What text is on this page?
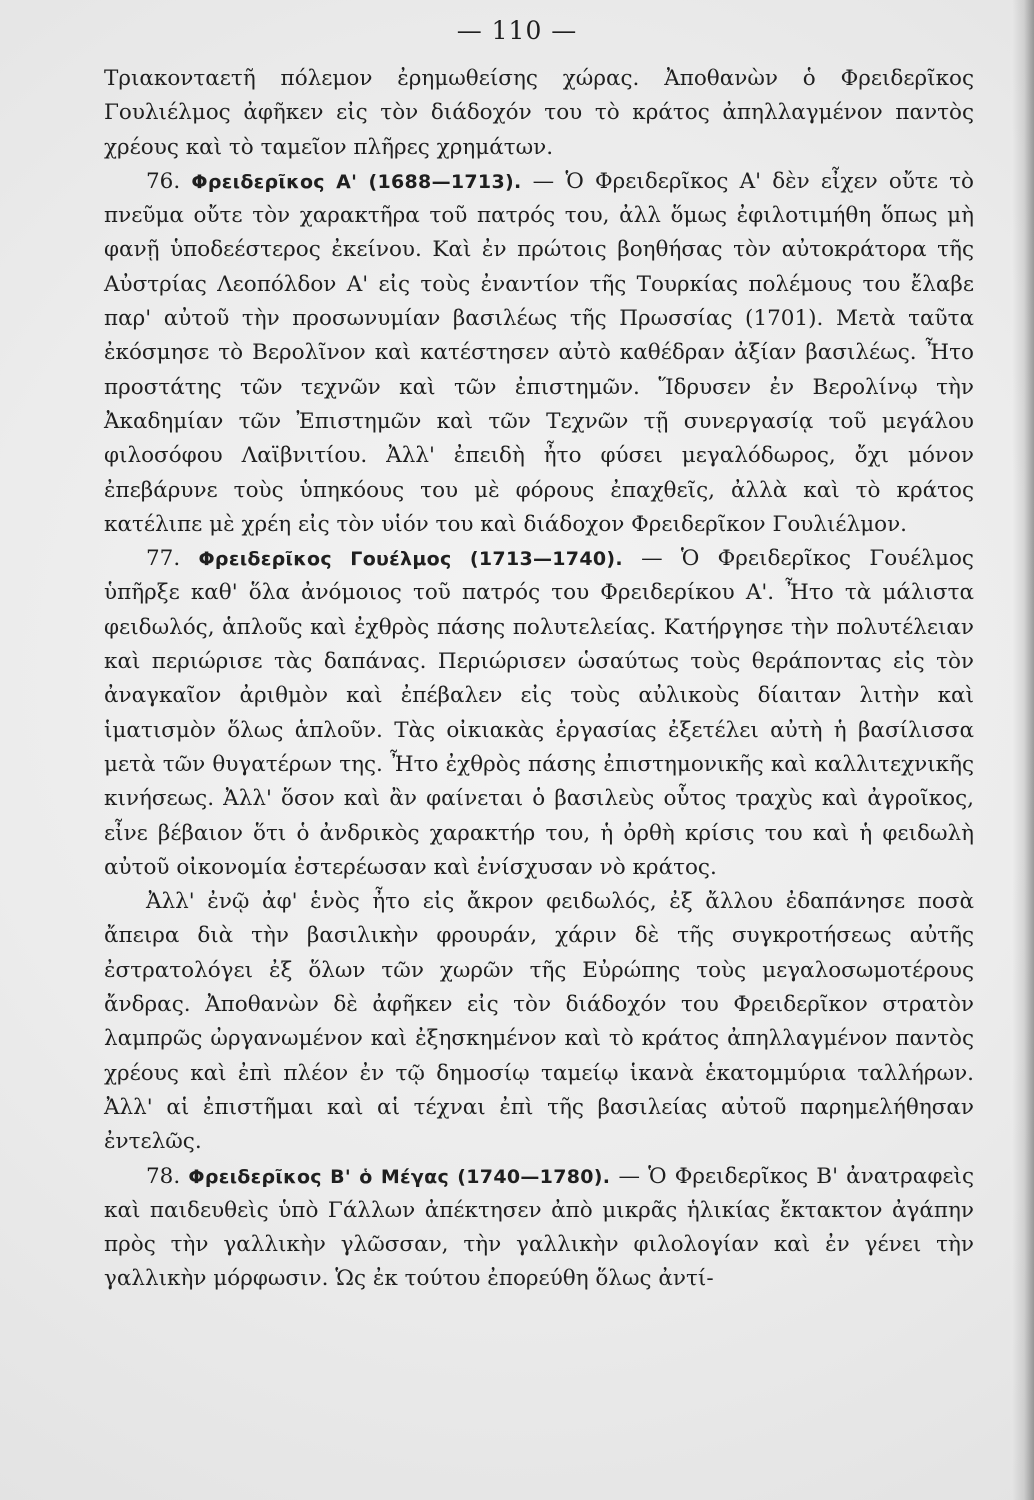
— 110 —

Τριακονταετῆ πόλεμον ἐρημωθείσης χώρας. Ἀποθανὼν ὁ Φρειδερῖκος Γουλιέλμος ἀφῆκεν εἰς τὸν διάδοχόν του τὸ κράτος ἀπηλλαγμένον παντὸς χρέους καὶ τὸ ταμεῖον πλῆρες χρημάτων.

76. Φρειδερῖκος Α' (1688—1713). — Ὁ Φρειδερῖκος Α' δὲν εἶχεν οὔτε τὸ πνεῦμα οὔτε τὸν χαρακτῆρα τοῦ πατρός του, ἀλλ ὅμως ἐφιλοτιμήθη ὅπως μὴ φανῇ ὑποδεέστερος ἐκείνου. Καὶ ἐν πρώτοις βοηθήσας τὸν αὐτοκράτορα τῆς Αὐστρίας Λεοπόλδον Α' εἰς τοὺς ἐναντίον τῆς Τουρκίας πολέμους του ἔλαβε παρ' αὐτοῦ τὴν προσωνυμίαν βασιλέως τῆς Πρωσσίας (1701). Μετὰ ταῦτα ἐκόσμησε τὸ Βερολῖνον καὶ κατέστησεν αὐτὸ καθέδραν ἀξίαν βασιλέως. Ἦτο προστάτης τῶν τεχνῶν καὶ τῶν ἐπιστημῶν. Ἵδρυσεν ἐν Βερολίνῳ τὴν Ἀκαδημίαν τῶν Ἐπιστημῶν καὶ τῶν Τεχνῶν τῇ συνεργασίᾳ τοῦ μεγάλου φιλοσόφου Λαϊβνιτίου. Ἀλλ' ἐπειδὴ ἦτο φύσει μεγαλόδωρος, ὄχι μόνον ἐπεβάρυνε τοὺς ὑπηκόους του μὲ φόρους ἐπαχθεῖς, ἀλλὰ καὶ τὸ κράτος κατέλιπε μὲ χρέη εἰς τὸν υἱόν του καὶ διάδοχον Φρειδερῖκον Γουλιέλμον.

77. Φρειδερῖκος Γουέλμος (1713—1740). — Ὁ Φρειδερῖκος Γουέλμος ὑπῆρξε καθ' ὅλα ἀνόμοιος τοῦ πατρός του Φρειδερίκου Α'. Ἦτο τὰ μάλιστα φειδωλός, ἁπλοῦς καὶ ἐχθρὸς πάσης πολυτελείας. Κατήργησε τὴν πολυτέλειαν καὶ περιώρισε τὰς δαπάνας. Περιώρισεν ὡσαύτως τοὺς θεράποντας εἰς τὸν ἀναγκαῖον ἀριθμὸν καὶ ἐπέβαλεν εἰς τοὺς αὐλικοὺς δίαιταν λιτὴν καὶ ἱματισμὸν ὅλως ἁπλοῦν. Τὰς οἰκιακὰς ἐργασίας ἐξετέλει αὐτὴ ἡ βασίλισσα μετὰ τῶν θυγατέρων της. Ἦτο ἐχθρὸς πάσης ἐπιστημονικῆς καὶ καλλιτεχνικῆς κινήσεως. Ἀλλ' ὅσον καὶ ἂν φαίνεται ὁ βασιλεὺς οὗτος τραχὺς καὶ ἀγροῖκος, εἶνε βέβαιον ὅτι ὁ ἀνδρικὸς χαρακτήρ του, ἡ ὀρθὴ κρίσις του καὶ ἡ φειδωλὴ αὐτοῦ οἰκονομία ἐστερέωσαν καὶ ἐνίσχυσαν νὸ κράτος.

Ἀλλ' ἐνῷ ἀφ' ἑνὸς ἦτο εἰς ἄκρον φειδωλός, ἐξ ἄλλου ἐδαπάνησε ποσὰ ἄπειρα διὰ τὴν βασιλικὴν φρουράν, χάριν δὲ τῆς συγκροτήσεως αὐτῆς ἐστρατολόγει ἐξ ὅλων τῶν χωρῶν τῆς Εὐρώπης τοὺς μεγαλοσωμοτέρους ἄνδρας. Ἀποθανὼν δὲ ἀφῆκεν εἰς τὸν διάδοχόν του Φρειδερῖκον στρατὸν λαμπρῶς ὠργανωμένον καὶ ἐξησκημένον καὶ τὸ κράτος ἀπηλλαγμένον παντὸς χρέους καὶ ἐπὶ πλέον ἐν τῷ δημοσίῳ ταμείῳ ἱκανὰ ἑκατομμύρια ταλλήρων. Ἀλλ' αἱ ἐπιστῆμαι καὶ αἱ τέχναι ἐπὶ τῆς βασιλείας αὐτοῦ παρημελήθησαν ἐντελῶς.

78. Φρειδερῖκος Β' ὁ Μέγας (1740—1780). — Ὁ Φρειδερῖκος Β' ἀνατραφεὶς καὶ παιδευθεὶς ὑπὸ Γάλλων ἀπέκτησεν ἀπὸ μικρᾶς ἡλικίας ἔκτακτον ἀγάπην πρὸς τὴν γαλλικὴν γλῶσσαν, τὴν γαλλικὴν φιλολογίαν καὶ ἐν γένει τὴν γαλλικὴν μόρφωσιν. Ὡς ἐκ τούτου ἐπορεύθη ὅλως ἀντί-
